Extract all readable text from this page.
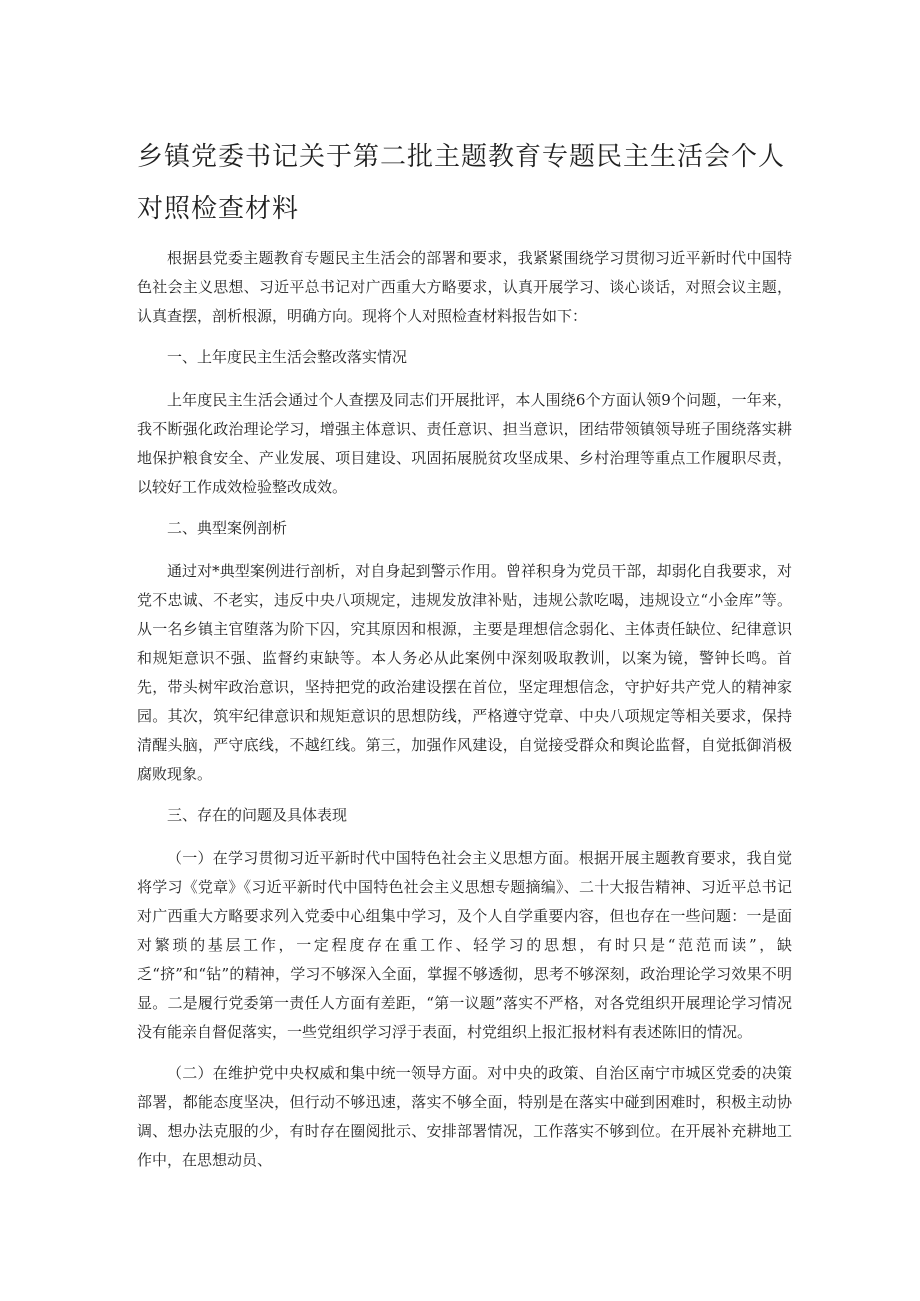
乡镇党委书记关于第二批主题教育专题民主生活会个人对照检查材料

根据县党委主题教育专题民主生活会的部署和要求，我紧紧围绕学习贯彻习近平新时代中国特色社会主义思想、习近平总书记对广西重大方略要求，认真开展学习、谈心谈话，对照会议主题，认真查摆，剖析根源，明确方向。现将个人对照检查材料报告如下：

一、上年度民主生活会整改落实情况

上年度民主生活会通过个人查摆及同志们开展批评，本人围绕6个方面认领9个问题，一年来，我不断强化政治理论学习，增强主体意识、责任意识、担当意识，团结带领镇领导班子围绕落实耕地保护粮食安全、产业发展、项目建设、巩固拓展脱贫攻坚成果、乡村治理等重点工作履职尽责，以较好工作成效检验整改成效。

二、典型案例剖析

通过对*典型案例进行剖析，对自身起到警示作用。曾祥积身为党员干部，却弱化自我要求，对党不忠诚、不老实，违反中央八项规定，违规发放津补贴，违规公款吃喝，违规设立“小金库”等。从一名乡镇主官堕落为阶下囚，究其原因和根源，主要是理想信念弱化、主体责任缺位、纪律意识和规矩意识不强、监督约束缺等。本人务必从此案例中深刻吸取教训，以案为镜，警钟长鸣。首先，带头树牢政治意识，坚持把党的政治建设摆在首位，坚定理想信念，守护好共产党人的精神家园。其次，筑牢纪律意识和规矩意识的思想防线，严格遵守党章、中央八项规定等相关要求，保持清醒头脑，严守底线，不越红线。第三，加强作风建设，自觉接受群众和舆论监督，自觉抵御消极腐败现象。

三、存在的问题及具体表现

（一）在学习贯彻习近平新时代中国特色社会主义思想方面。根据开展主题教育要求，我自觉将学习《党章》《习近平新时代中国特色社会主义思想专题摘编》、二十大报告精神、习近平总书记对广西重大方略要求列入党委中心组集中学习，及个人自学重要内容，但也存在一些问题：一是面对繁琐的基层工作，一定程度存在重工作、轻学习的思想，有时只是“范范而读”，缺乏“挤”和“钻”的精神，学习不够深入全面，掌握不够透彻，思考不够深刻，政治理论学习效果不明显。二是履行党委第一责任人方面有差距，“第一议题”落实不严格，对各党组织开展理论学习情况没有能亲自督促落实，一些党组织学习浮于表面，村党组织上报汇报材料有表述陈旧的情况。

（二）在维护党中央权威和集中统一领导方面。对中央的政策、自治区南宁市城区党委的决策部署，都能态度坚决，但行动不够迅速，落实不够全面，特别是在落实中碰到困难时，积极主动协调、想办法克服的少，有时存在圈阅批示、安排部署情况，工作落实不够到位。在开展补充耕地工作中，在思想动员、
